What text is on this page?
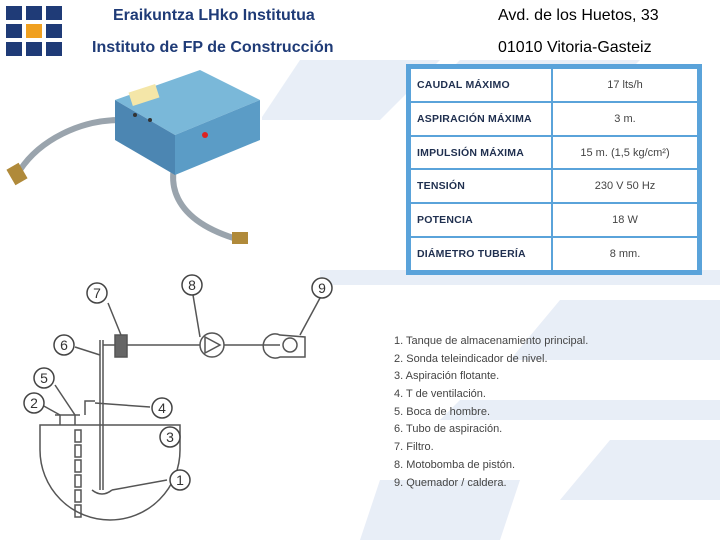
Eraikuntza LHko Institutua
Instituto de FP de Construcción
Avd. de los Huetos, 33
01010 Vitoria-Gasteiz
CAUDAL MÁXIMO	17 lts/h
ASPIRACIÓN MÁXIMA	3 m.
IMPULSIÓN MÁXIMA	15 m. (1,5 kg/cm²)
TENSIÓN	230 V 50 Hz
POTENCIA	18 W
DIÁMETRO TUBERÍA	8 mm.
1
2
3
4
5
6
7	8	9
1. Tanque de almacenamiento principal.
2. Sonda teleindicador de nivel.
3. Aspiración flotante.
4. T de ventilación.
5. Boca de hombre.
6. Tubo de aspiración.
7. Filtro.
8. Motobomba de pistón.
9. Quemador / caldera.
